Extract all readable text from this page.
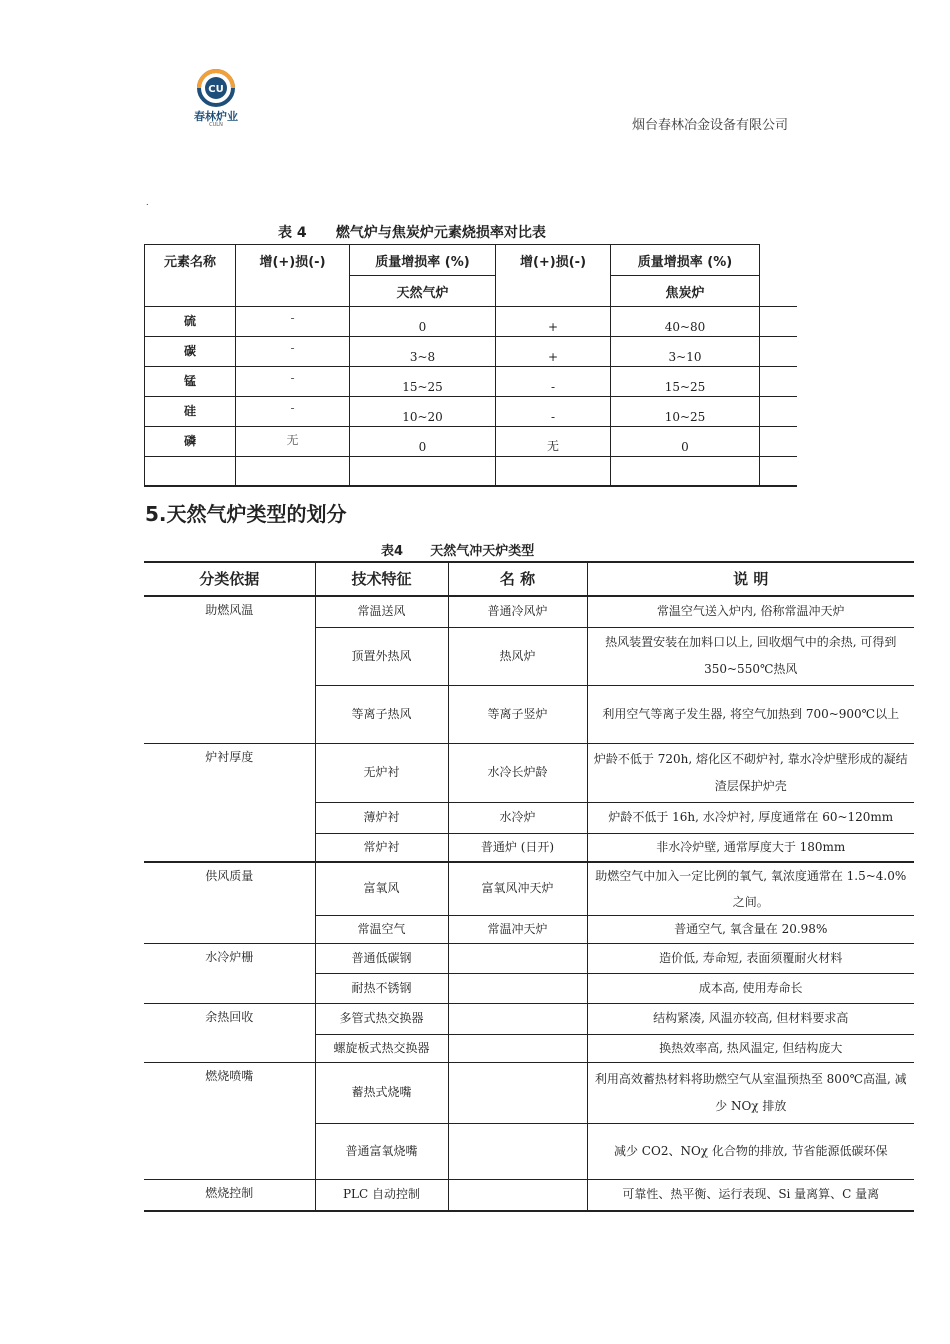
CU
春林炉业
CULN	烟台春林冶金设备有限公司
.
表 4      燃气炉与焦炭炉元素烧损率对比表
元素名称	增(+)损(-)	质量增损率 (%)	增(+)损(-)	质量增损率 (%)	
		天然气炉		焦炭炉	
硫	-	0	+	40~80	
碳	-	3~8	+	3~10	
锰	-	15~25	-	15~25	
硅	-	10~20	-	10~25	
磷	无	0	无	0	

5.天然气炉类型的划分
表4      天然气冲天炉类型
分类依据	技术特征	名 称	说 明
助燃风温	常温送风	普通冷风炉	常温空气送入炉内, 俗称常温冲天炉
	顶置外热风	热风炉	热风装置安装在加料口以上, 回收烟气中的余热, 可得到 350~550℃热风
	等离子热风	等离子竖炉	利用空气等离子发生器, 将空气加热到 700~900℃以上
炉衬厚度	无炉衬	水冷长炉龄	炉龄不低于 720h, 熔化区不砌炉衬, 靠水冷炉壁形成的凝结渣层保护炉壳
	薄炉衬	水冷炉	炉龄不低于 16h, 水冷炉衬, 厚度通常在 60~120mm
	常炉衬	普通炉 (日开)	非水冷炉壁, 通常厚度大于 180mm
供风质量	富氧风	富氧风冲天炉	助燃空气中加入一定比例的氧气, 氧浓度通常在 1.5~4.0%之间。
	常温空气	常温冲天炉	普通空气, 氧含量在 20.98%
水冷炉栅	普通低碳钢		造价低, 寿命短, 表面须覆耐火材料
	耐热不锈钢		成本高, 使用寿命长
余热回收	多管式热交换器		结构紧凑, 风温亦较高, 但材料要求高
	螺旋板式热交换器		换热效率高, 热风温定, 但结构庞大
燃烧喷嘴	蓄热式烧嘴		利用高效蓄热材料将助燃空气从室温预热至 800℃高温, 减少 NOχ 排放
	普通富氧烧嘴		减少 CO2、NOχ 化合物的排放, 节省能源低碳环保
燃烧控制	PLC 自动控制		可靠性、热平衡、运行表现、Si 量离算、C 量离
